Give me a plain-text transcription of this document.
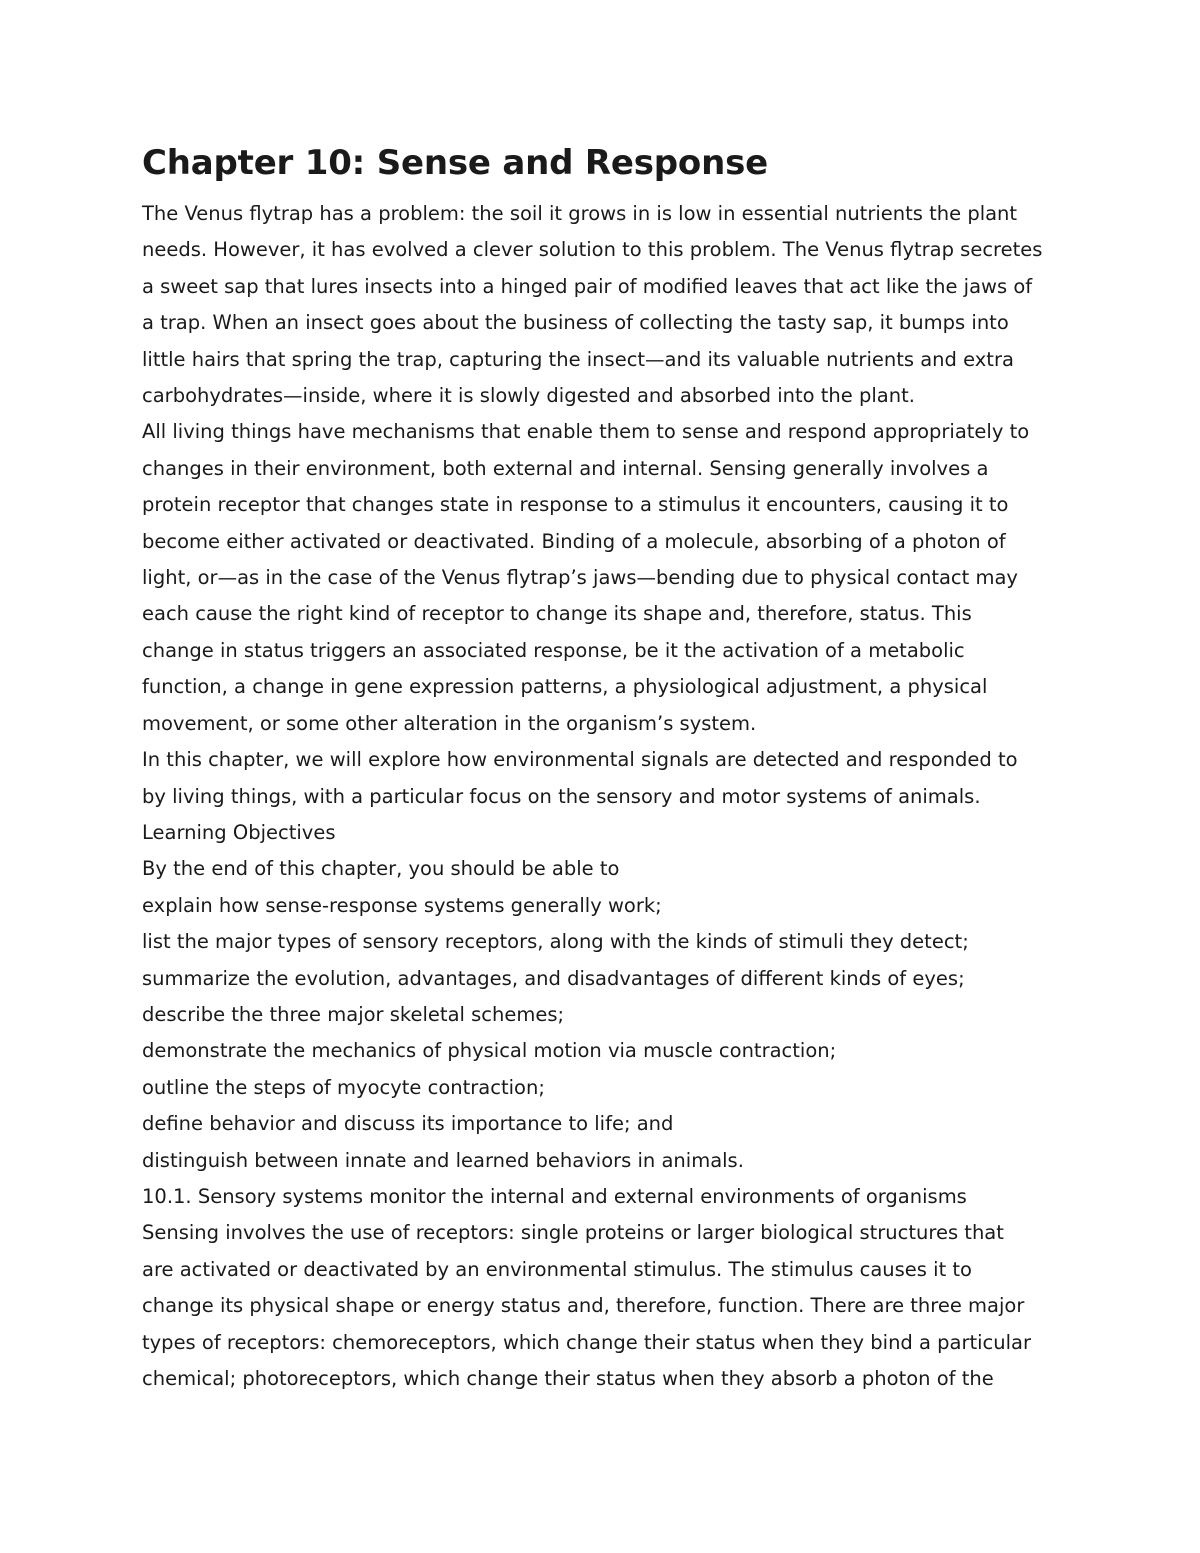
Chapter 10: Sense and Response
The Venus flytrap has a problem: the soil it grows in is low in essential nutrients the plant
needs. However, it has evolved a clever solution to this problem. The Venus flytrap secretes
a sweet sap that lures insects into a hinged pair of modified leaves that act like the jaws of
a trap. When an insect goes about the business of collecting the tasty sap, it bumps into
little hairs that spring the trap, capturing the insect—and its valuable nutrients and extra
carbohydrates—inside, where it is slowly digested and absorbed into the plant.
All living things have mechanisms that enable them to sense and respond appropriately to
changes in their environment, both external and internal. Sensing generally involves a
protein receptor that changes state in response to a stimulus it encounters, causing it to
become either activated or deactivated. Binding of a molecule, absorbing of a photon of
light, or—as in the case of the Venus flytrap’s jaws—bending due to physical contact may
each cause the right kind of receptor to change its shape and, therefore, status. This
change in status triggers an associated response, be it the activation of a metabolic
function, a change in gene expression patterns, a physiological adjustment, a physical
movement, or some other alteration in the organism’s system.
In this chapter, we will explore how environmental signals are detected and responded to
by living things, with a particular focus on the sensory and motor systems of animals.
Learning Objectives
By the end of this chapter, you should be able to
explain how sense-response systems generally work;
list the major types of sensory receptors, along with the kinds of stimuli they detect;
summarize the evolution, advantages, and disadvantages of different kinds of eyes;
describe the three major skeletal schemes;
demonstrate the mechanics of physical motion via muscle contraction;
outline the steps of myocyte contraction;
define behavior and discuss its importance to life; and
distinguish between innate and learned behaviors in animals.
10.1. Sensory systems monitor the internal and external environments of organisms
Sensing involves the use of receptors: single proteins or larger biological structures that
are activated or deactivated by an environmental stimulus. The stimulus causes it to
change its physical shape or energy status and, therefore, function. There are three major
types of receptors: chemoreceptors, which change their status when they bind a particular
chemical; photoreceptors, which change their status when they absorb a photon of the
